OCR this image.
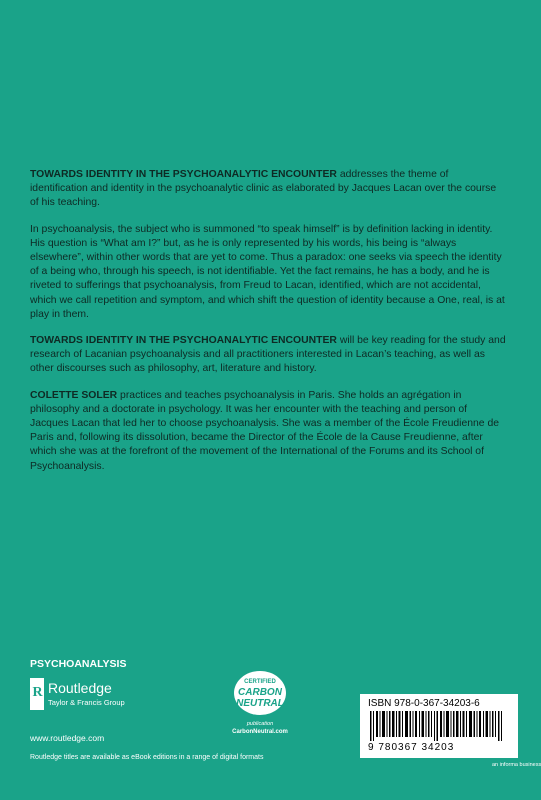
TOWARDS IDENTITY IN THE PSYCHOANALYTIC ENCOUNTER addresses the theme of identification and identity in the psychoanalytic clinic as elaborated by Jacques Lacan over the course of his teaching.

In psychoanalysis, the subject who is summoned “to speak himself” is by definition lacking in identity. His question is “What am I?” but, as he is only represented by his words, his being is “always elsewhere”, within other words that are yet to come. Thus a paradox: one seeks via speech the identity of a being who, through his speech, is not identifiable. Yet the fact remains, he has a body, and he is riveted to sufferings that psychoanalysis, from Freud to Lacan, identified, which are not accidental, which we call repetition and symptom, and which shift the question of identity because a One, real, is at play in them.

TOWARDS IDENTITY IN THE PSYCHOANALYTIC ENCOUNTER will be key reading for the study and research of Lacanian psychoanalysis and all practitioners interested in Lacan’s teaching, as well as other discourses such as philosophy, art, literature and history.

COLETTE SOLER practices and teaches psychoanalysis in Paris. She holds an agrégation in philosophy and a doctorate in psychology. It was her encounter with the teaching and person of Jacques Lacan that led her to choose psychoanalysis. She was a member of the École Freudienne de Paris and, following its dissolution, became the Director of the École de la Cause Freudienne, after which she was at the forefront of the movement of the International of the Forums and its School of Psychoanalysis.

PSYCHOANALYSIS
R Routledge
Taylor & Francis Group
www.routledge.com
CERTIFIED
CARBON
NEUTRAL
publication
CarbonNeutral.com
Routledge titles are available as eBook editions in a range of digital formats
ISBN 978-0-367-34203-6
9 780367 34203
an informa business
